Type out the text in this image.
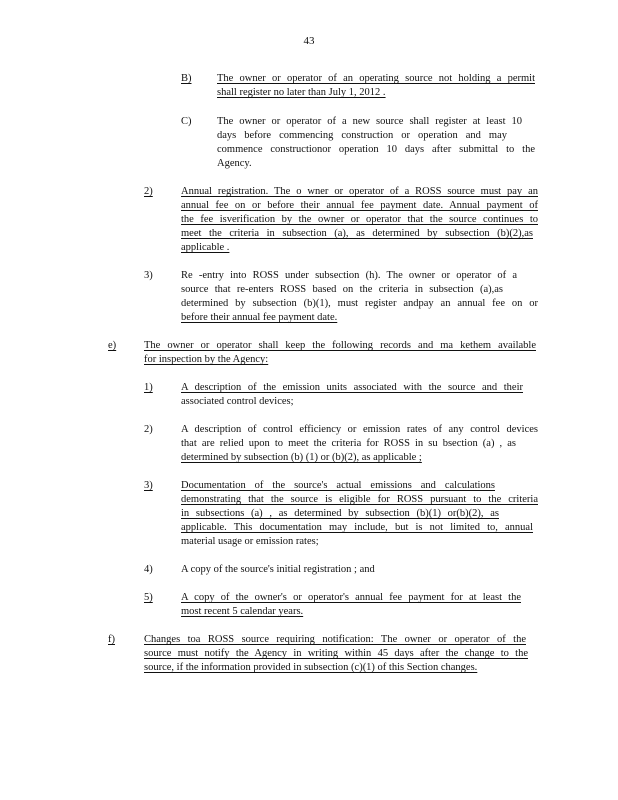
43
B) The owner or operator of an operating source not holding a permit
shall register no later than July 1, 2012 .
C) The owner or operator of a new source shall register at least 10
days before commencing construction or operation and may
commence constructionor operation 10 days after submittal to the
Agency.
2)	Annual registration. The o wner or operator of a ROSS source must pay an
annual fee on or before their annual fee payment date. Annual payment of
the fee isverification by the owner or operator that the source continues to
meet the criteria in subsection (a), as determined by subsection (b)(2),as
applicable .
3)	Re -entry into ROSS under subsection (h). The owner or operator of a
source that re-enters ROSS based on the criteria in subsection (a),as
determined by subsection (b)(1), must register andpay an annual fee on or
before their annual fee payment date.
e)	The owner or operator shall keep the following records and ma kethem available
for inspection by the Agency:
1)	A description of the emission units associated with the source and their
associated control devices;
2)	A description of control efficiency or emission rates of any control devices
that are relied upon to meet the criteria for ROSS in su bsection (a) , as
determined by subsection (b) (1) or (b)(2), as applicable ;
3)	Documentation of the source's actual emissions and calculations
demonstrating that the source is eligible for ROSS pursuant to the criteria
in subsections (a) , as determined by subsection (b)(1) or(b)(2), as
applicable. This documentation may include, but is not limited to, annual
material usage or emission rates;
4)	A copy of the source's initial registration ; and
5)	A copy of the owner's or operator's annual fee payment for at least the
most recent 5 calendar years.
f)	Changes toa ROSS source requiring notification: The owner or operator of the
source must notify the Agency in writing within 45 days after the change to the
source, if the information provided in subsection (c)(1) of this Section changes.
